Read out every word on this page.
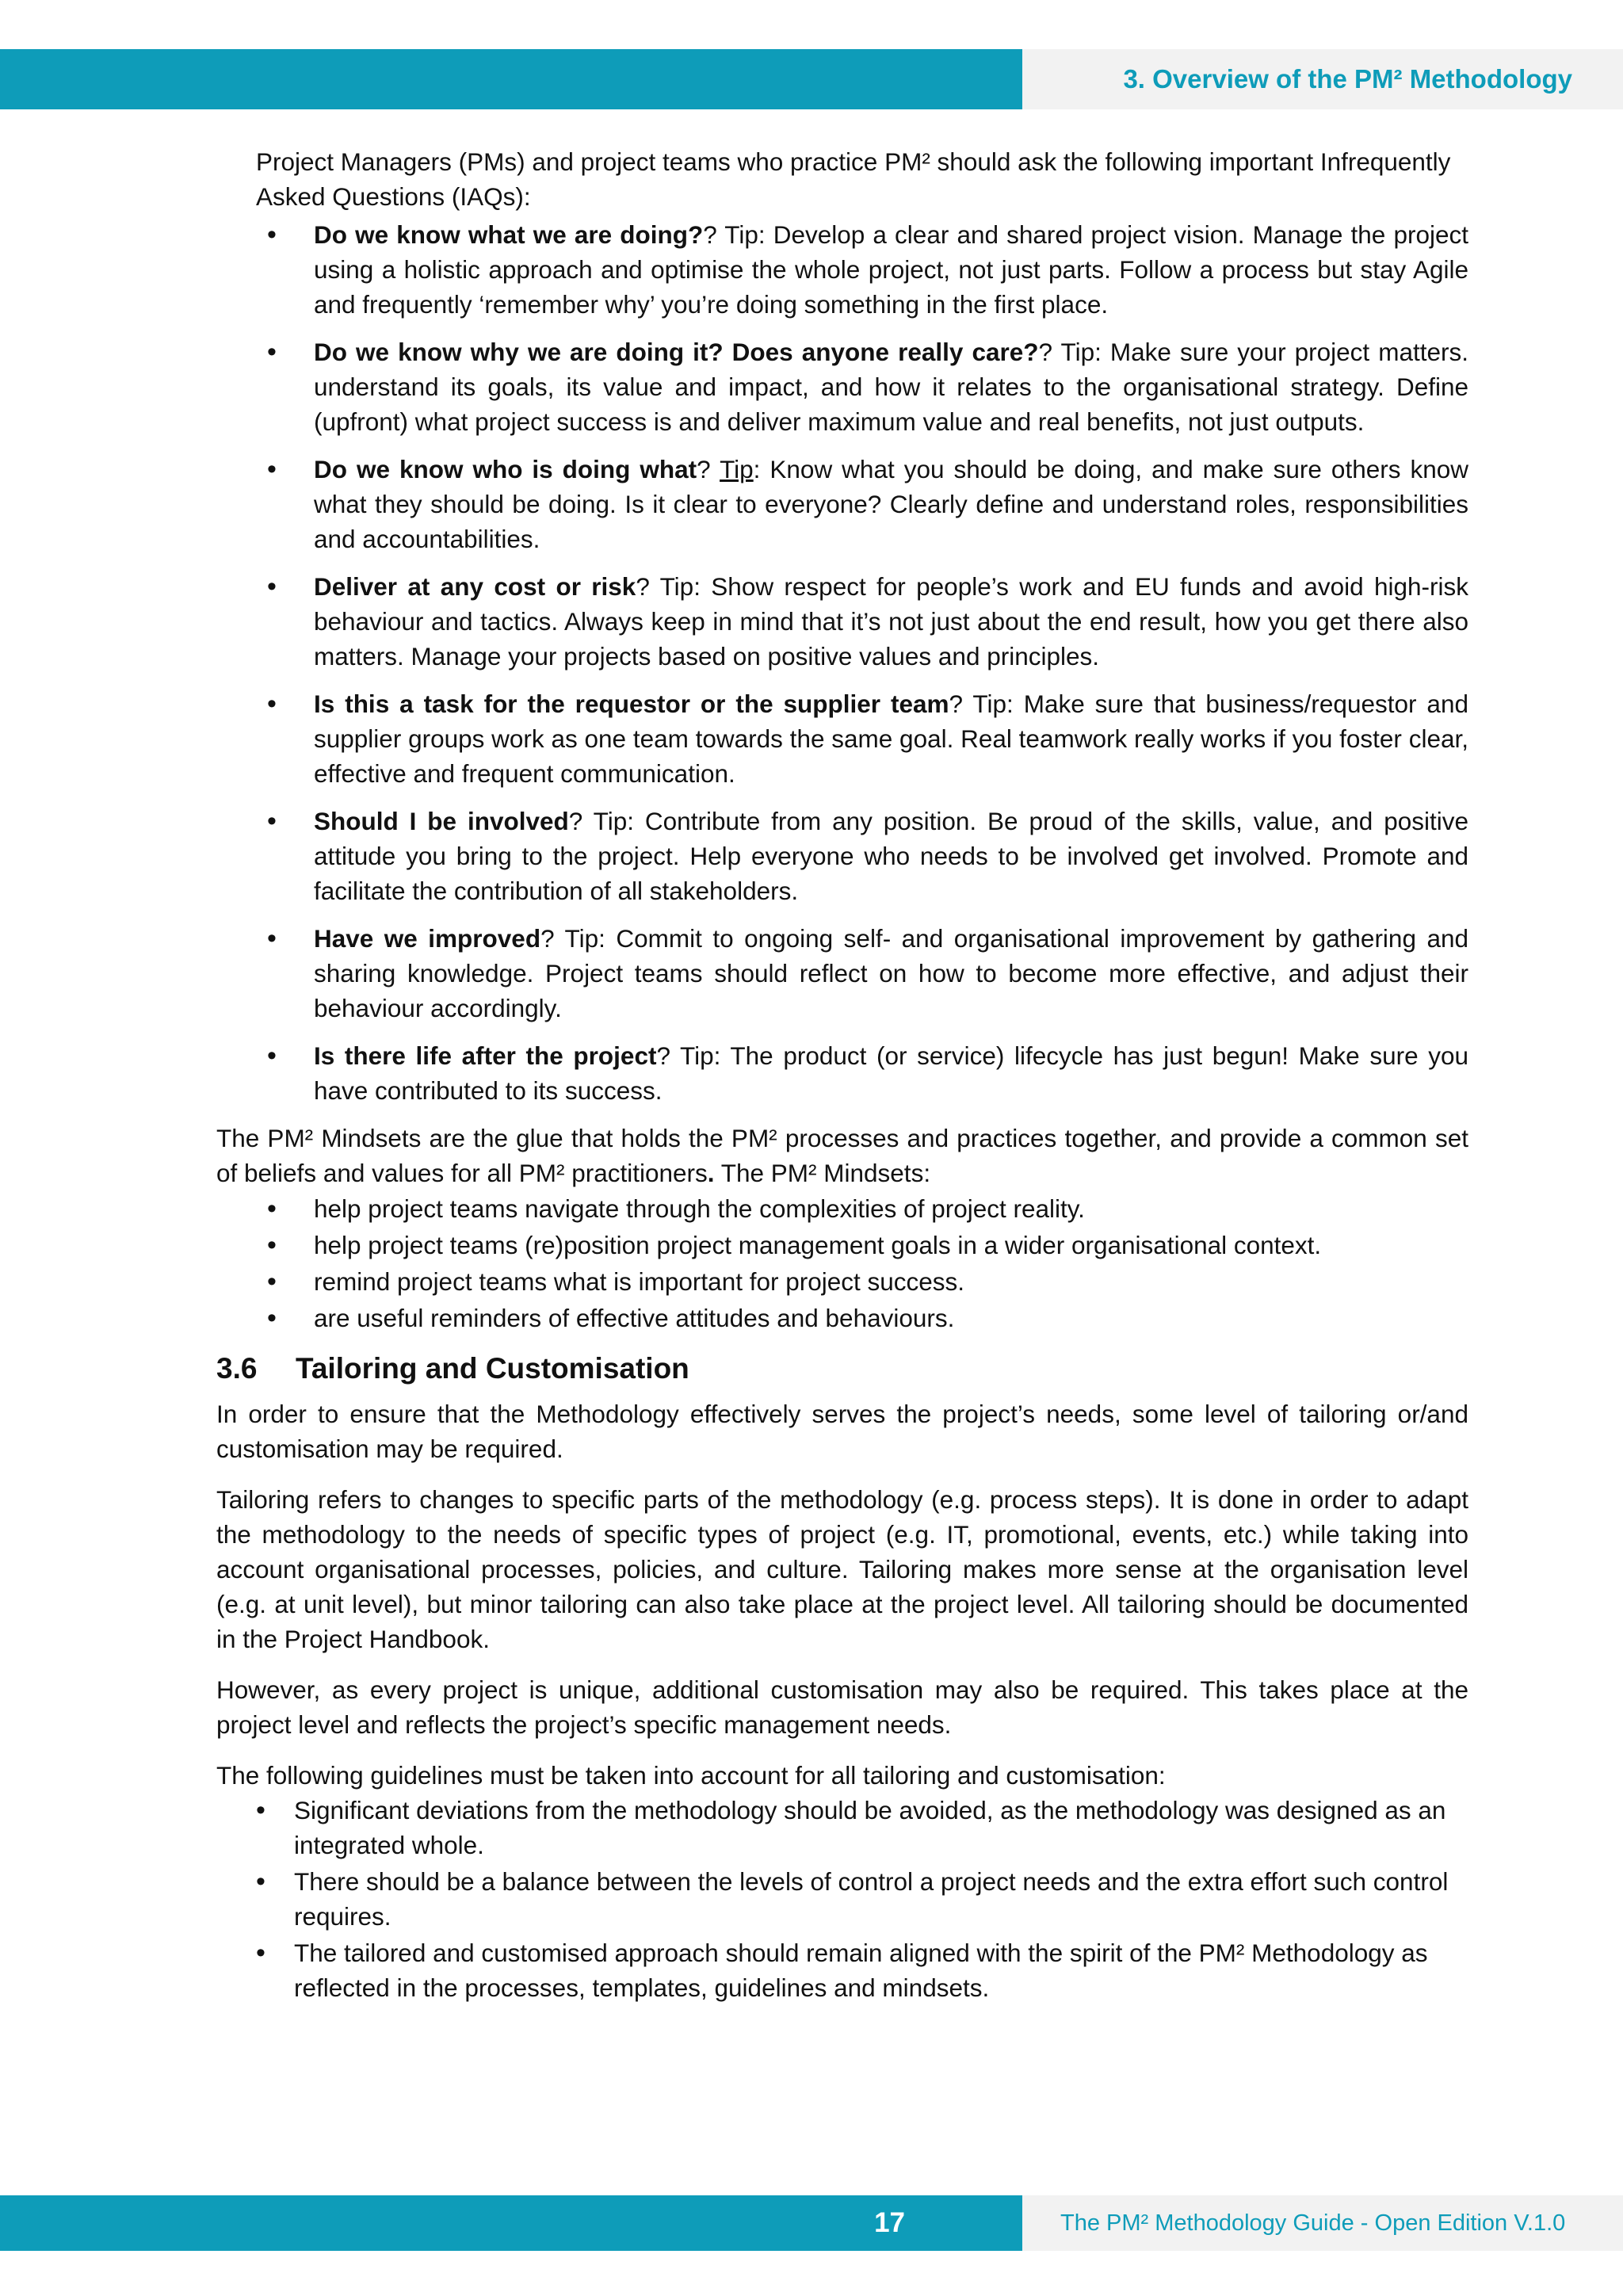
3. Overview of the PM² Methodology

Project Managers (PMs) and project teams who practice PM² should ask the following important Infrequently Asked Questions (IAQs):

• Do we know what we are doing?? Tip: Develop a clear and shared project vision. Manage the project using a holistic approach and optimise the whole project, not just parts. Follow a process but stay Agile and frequently ‘remember why’ you’re doing something in the first place.
• Do we know why we are doing it? Does anyone really care?? Tip: Make sure your project matters. understand its goals, its value and impact, and how it relates to the organisational strategy. Define (upfront) what project success is and deliver maximum value and real benefits, not just outputs.
• Do we know who is doing what? Tip: Know what you should be doing, and make sure others know what they should be doing. Is it clear to everyone? Clearly define and understand roles, responsibilities and accountabilities.
• Deliver at any cost or risk? Tip: Show respect for people’s work and EU funds and avoid high-risk behaviour and tactics. Always keep in mind that it’s not just about the end result, how you get there also matters. Manage your projects based on positive values and principles.
• Is this a task for the requestor or the supplier team? Tip: Make sure that business/requestor and supplier groups work as one team towards the same goal. Real teamwork really works if you foster clear, effective and frequent communication.
• Should I be involved? Tip: Contribute from any position. Be proud of the skills, value, and positive attitude you bring to the project. Help everyone who needs to be involved get involved. Promote and facilitate the contribution of all stakeholders.
• Have we improved? Tip: Commit to ongoing self- and organisational improvement by gathering and sharing knowledge. Project teams should reflect on how to become more effective, and adjust their behaviour accordingly.
• Is there life after the project? Tip: The product (or service) lifecycle has just begun! Make sure you have contributed to its success.

The PM² Mindsets are the glue that holds the PM² processes and practices together, and provide a common set of beliefs and values for all PM² practitioners. The PM² Mindsets:

• help project teams navigate through the complexities of project reality.
• help project teams (re)position project management goals in a wider organisational context.
• remind project teams what is important for project success.
• are useful reminders of effective attitudes and behaviours.
3.6 Tailoring and Customisation

In order to ensure that the Methodology effectively serves the project’s needs, some level of tailoring or/and customisation may be required.

Tailoring refers to changes to specific parts of the methodology (e.g. process steps). It is done in order to adapt the methodology to the needs of specific types of project (e.g. IT, promotional, events, etc.) while taking into account organisational processes, policies, and culture. Tailoring makes more sense at the organisation level (e.g. at unit level), but minor tailoring can also take place at the project level. All tailoring should be documented in the Project Handbook.

However, as every project is unique, additional customisation may also be required. This takes place at the project level and reflects the project’s specific management needs.

The following guidelines must be taken into account for all tailoring and customisation:

• Significant deviations from the methodology should be avoided, as the methodology was designed as an integrated whole.
• There should be a balance between the levels of control a project needs and the extra effort such control requires.
• The tailored and customised approach should remain aligned with the spirit of the PM² Methodology as reflected in the processes, templates, guidelines and mindsets.
17	The PM² Methodology Guide - Open Edition V.1.0
